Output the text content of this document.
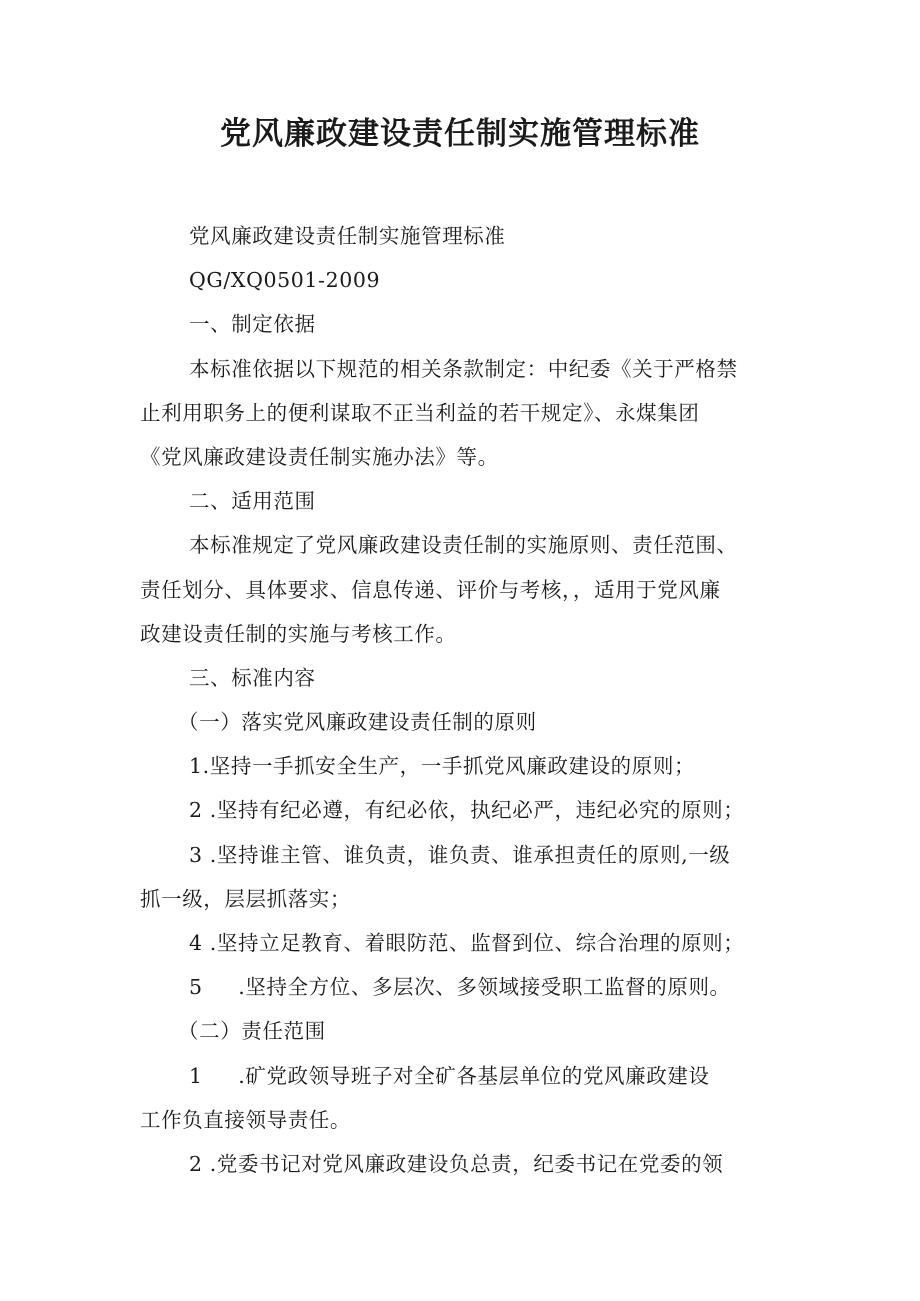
党风廉政建设责任制实施管理标准
党风廉政建设责任制实施管理标准
QG/XQ0501-2009
一、制定依据
本标准依据以下规范的相关条款制定：中纪委《关于严格禁
止利用职务上的便利谋取不正当利益的若干规定》、永煤集团
《党风廉政建设责任制实施办法》等。
二、适用范围
本标准规定了党风廉政建设责任制的实施原则、责任范围、
责任划分、具体要求、信息传递、评价与考核，，适用于党风廉
政建设责任制的实施与考核工作。
三、标准内容
（一）落实党风廉政建设责任制的原则
1.坚持一手抓安全生产，一手抓党风廉政建设的原则；
2 .坚持有纪必遵，有纪必依，执纪必严，违纪必究的原则；
3 .坚持谁主管、谁负责，谁负责、谁承担责任的原则,一级
抓一级，层层抓落实；
4 .坚持立足教育、着眼防范、监督到位、综合治理的原则；
5     .坚持全方位、多层次、多领域接受职工监督的原则。
（二）责任范围
1     .矿党政领导班子对全矿各基层单位的党风廉政建设
工作负直接领导责任。
2 .党委书记对党风廉政建设负总责，纪委书记在党委的领
